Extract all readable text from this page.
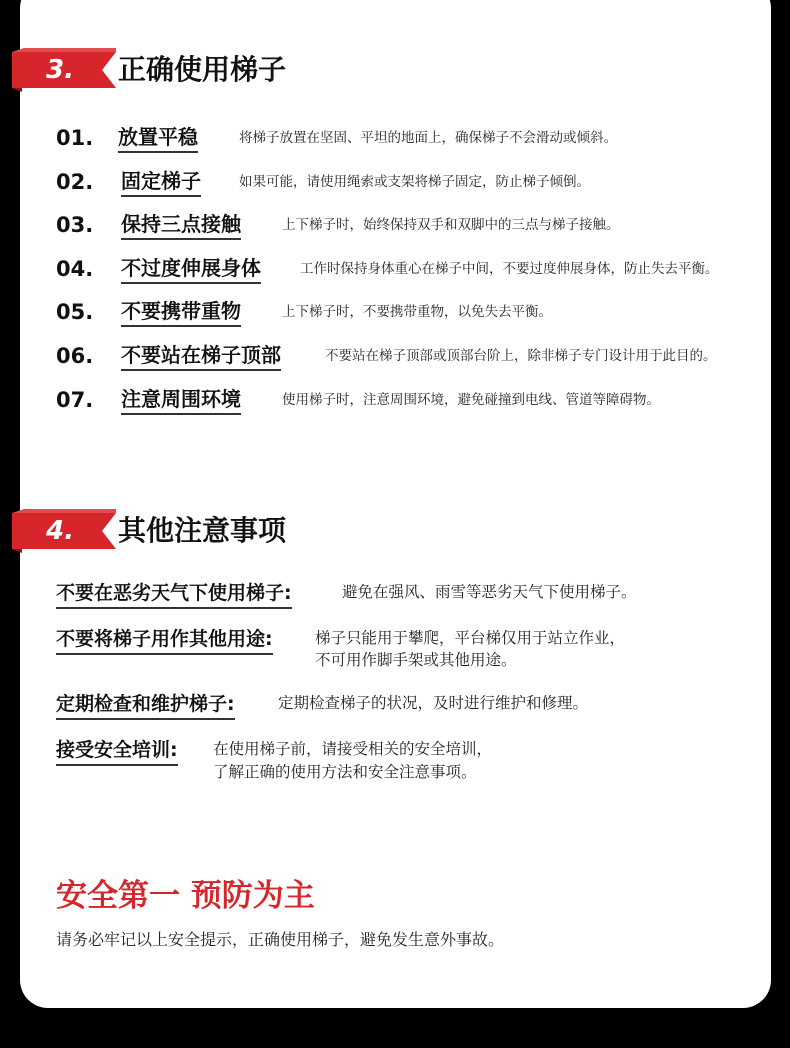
3. 正确使用梯子
01. 放置平稳	将梯子放置在坚固、平坦的地面上，确保梯子不会滑动或倾斜。
02. 固定梯子	如果可能，请使用绳索或支架将梯子固定，防止梯子倾倒。
03. 保持三点接触	上下梯子时，始终保持双手和双脚中的三点与梯子接触。
04. 不过度伸展身体	工作时保持身体重心在梯子中间，不要过度伸展身体，防止失去平衡。
05. 不要携带重物	上下梯子时，不要携带重物，以免失去平衡。
06. 不要站在梯子顶部	不要站在梯子顶部或顶部台阶上，除非梯子专门设计用于此目的。
07. 注意周围环境	使用梯子时，注意周围环境，避免碰撞到电线、管道等障碍物。
4. 其他注意事项
不要在恶劣天气下使用梯子:	避免在强风、雨雪等恶劣天气下使用梯子。
不要将梯子用作其他用途:	梯子只能用于攀爬，平台梯仅用于站立作业，
不可用作脚手架或其他用途。
定期检查和维护梯子:	定期检查梯子的状况，及时进行维护和修理。
接受安全培训: 在使用梯子前，请接受相关的安全培训，
了解正确的使用方法和安全注意事项。
安全第一 预防为主
请务必牢记以上安全提示，正确使用梯子，避免发生意外事故。
